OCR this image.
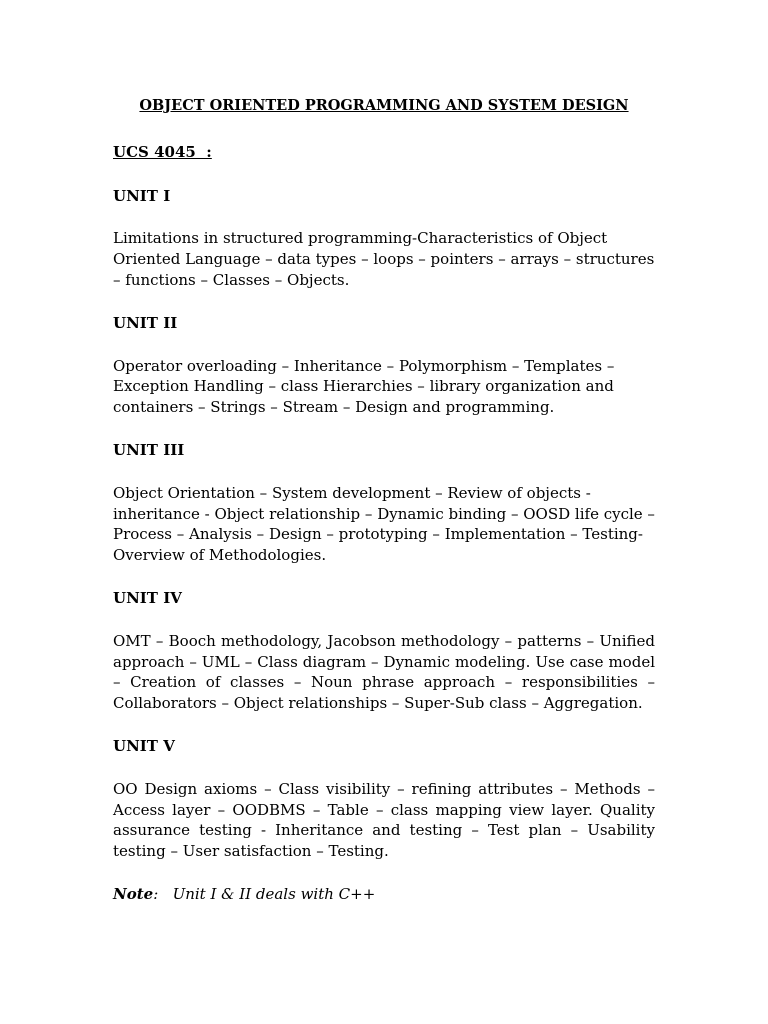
OBJECT ORIENTED PROGRAMMING AND SYSTEM DESIGN
UCS 4045  :
UNIT I
Limitations in structured programming-Characteristics of Object Oriented Language – data types – loops – pointers – arrays – structures – functions – Classes – Objects.
UNIT II
Operator overloading – Inheritance – Polymorphism – Templates – Exception Handling – class Hierarchies – library organization and containers – Strings – Stream – Design and programming.
UNIT III
Object Orientation – System development – Review of objects - inheritance - Object relationship – Dynamic binding – OOSD life cycle – Process – Analysis – Design – prototyping – Implementation – Testing-Overview of Methodologies.
UNIT IV
OMT – Booch methodology, Jacobson methodology – patterns – Unified approach – UML – Class diagram – Dynamic modeling. Use case model – Creation of classes – Noun phrase approach – responsibilities – Collaborators – Object relationships – Super-Sub class – Aggregation.
UNIT V
OO Design axioms – Class visibility – refining attributes – Methods – Access layer – OODBMS – Table – class mapping view layer. Quality assurance testing - Inheritance and testing – Test plan – Usability testing – User satisfaction – Testing.
Note:   Unit I & II deals with C++
